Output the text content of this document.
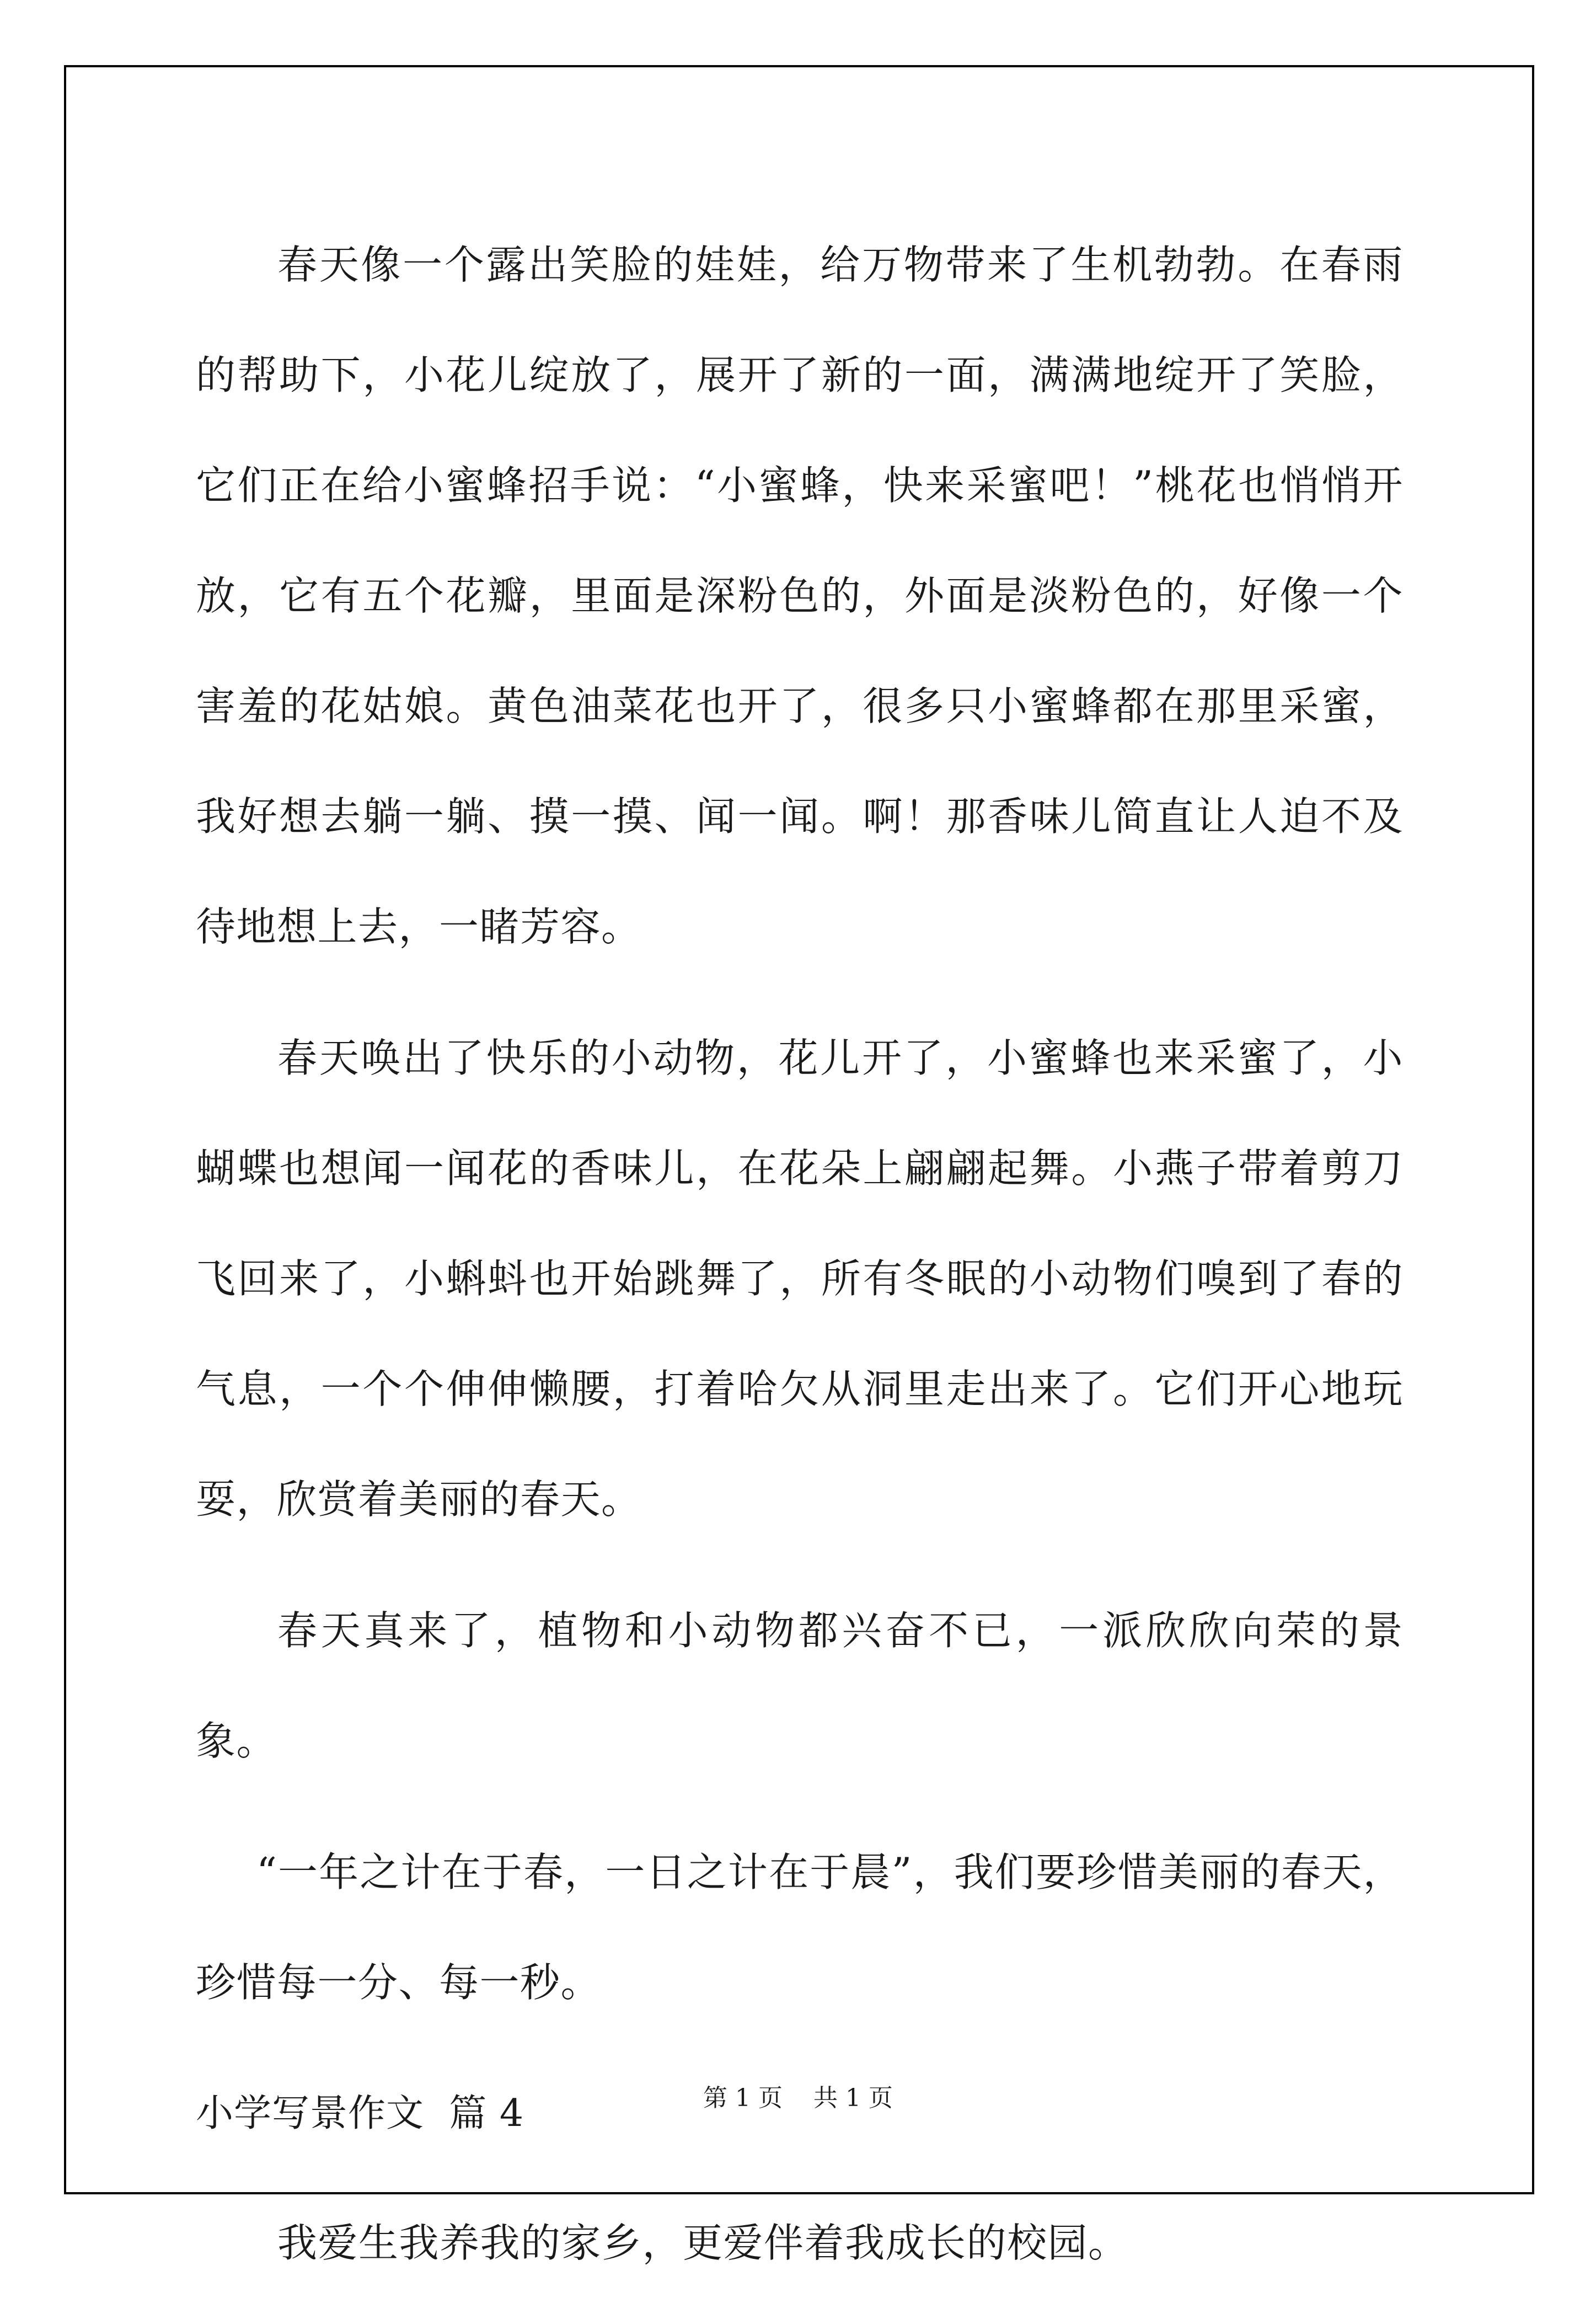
春天像一个露出笑脸的娃娃，给万物带来了生机勃勃。在春雨的帮助下，小花儿绽放了，展开了新的一面，满满地绽开了笑脸，它们正在给小蜜蜂招手说：“小蜜蜂，快来采蜜吧！”桃花也悄悄开放，它有五个花瓣，里面是深粉色的，外面是淡粉色的，好像一个害羞的花姑娘。黄色油菜花也开了，很多只小蜜蜂都在那里采蜜，我好想去躺一躺、摸一摸、闻一闻。啊！那香味儿简直让人迫不及待地想上去，一睹芳容。

春天唤出了快乐的小动物，花儿开了，小蜜蜂也来采蜜了，小蝴蝶也想闻一闻花的香味儿，在花朵上翩翩起舞。小燕子带着剪刀飞回来了，小蝌蚪也开始跳舞了，所有冬眠的小动物们嗅到了春的气息，一个个伸伸懒腰，打着哈欠从洞里走出来了。它们开心地玩耍，欣赏着美丽的春天。

春天真来了，植物和小动物都兴奋不已，一派欣欣向荣的景象。

“一年之计在于春，一日之计在于晨”，我们要珍惜美丽的春天，珍惜每一分、每一秒。

小学写景作文  篇 4

我爱生我养我的家乡，更爱伴着我成长的校园。

第 1 页    共 1 页
